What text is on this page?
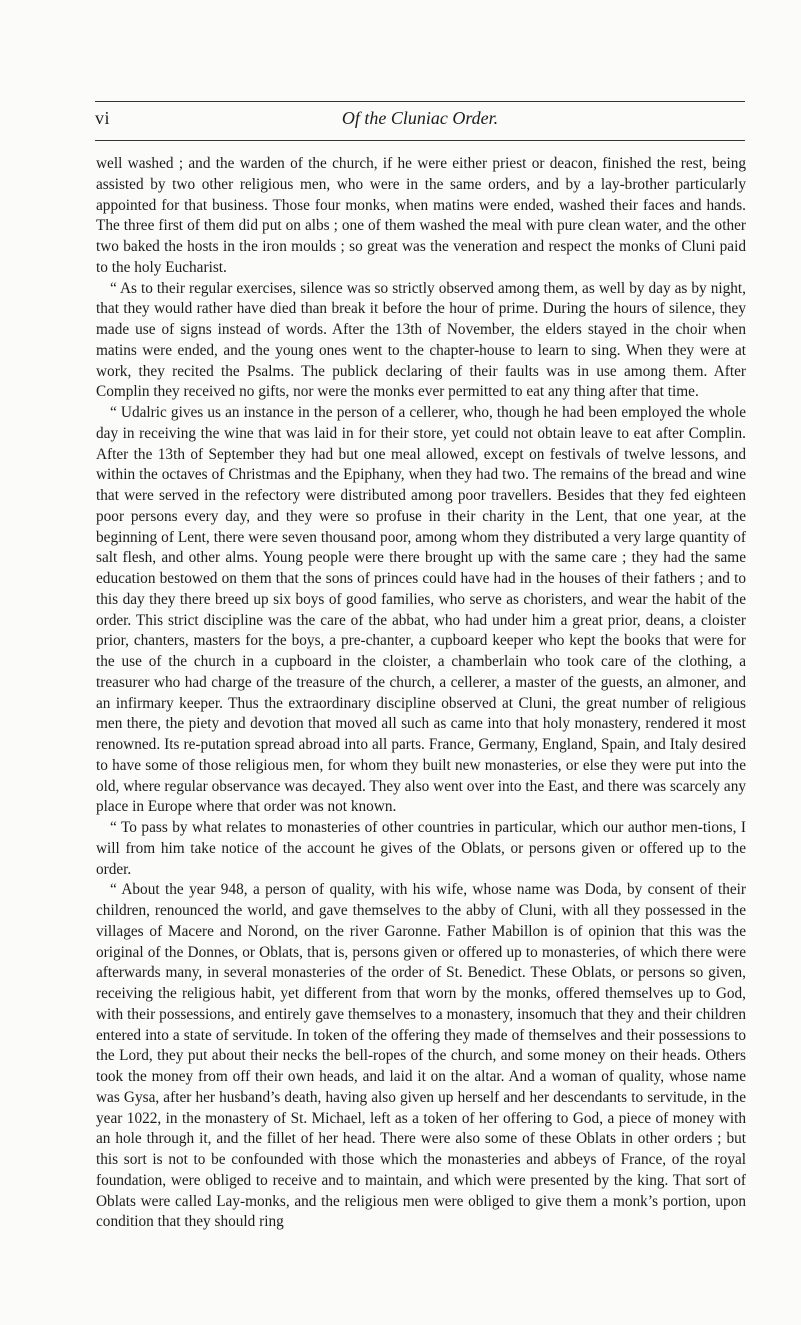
vi	Of the Cluniac Order.

well washed ; and the warden of the church, if he were either priest or deacon, finished the rest, being assisted by two other religious men, who were in the same orders, and by a lay-brother particularly appointed for that business. Those four monks, when matins were ended, washed their faces and hands. The three first of them did put on albs ; one of them washed the meal with pure clean water, and the other two baked the hosts in the iron moulds ; so great was the veneration and respect the monks of Cluni paid to the holy Eucharist.

“ As to their regular exercises, silence was so strictly observed among them, as well by day as by night, that they would rather have died than break it before the hour of prime. During the hours of silence, they made use of signs instead of words. After the 13th of November, the elders stayed in the choir when matins were ended, and the young ones went to the chapter-house to learn to sing. When they were at work, they recited the Psalms. The publick declaring of their faults was in use among them. After Complin they received no gifts, nor were the monks ever permitted to eat any thing after that time.

“ Udalric gives us an instance in the person of a cellerer, who, though he had been employed the whole day in receiving the wine that was laid in for their store, yet could not obtain leave to eat after Complin. After the 13th of September they had but one meal allowed, except on festivals of twelve lessons, and within the octaves of Christmas and the Epiphany, when they had two. The remains of the bread and wine that were served in the refectory were distributed among poor travellers. Besides that they fed eighteen poor persons every day, and they were so profuse in their charity in the Lent, that one year, at the beginning of Lent, there were seven thousand poor, among whom they distributed a very large quantity of salt flesh, and other alms. Young people were there brought up with the same care ; they had the same education bestowed on them that the sons of princes could have had in the houses of their fathers ; and to this day they there breed up six boys of good families, who serve as choristers, and wear the habit of the order. This strict discipline was the care of the abbat, who had under him a great prior, deans, a cloister prior, chanters, masters for the boys, a pre-chanter, a cupboard keeper who kept the books that were for the use of the church in a cupboard in the cloister, a chamberlain who took care of the clothing, a treasurer who had charge of the treasure of the church, a cellerer, a master of the guests, an almoner, and an infirmary keeper. Thus the extraordinary discipline observed at Cluni, the great number of religious men there, the piety and devotion that moved all such as came into that holy monastery, rendered it most renowned. Its re-putation spread abroad into all parts. France, Germany, England, Spain, and Italy desired to have some of those religious men, for whom they built new monasteries, or else they were put into the old, where regular observance was decayed. They also went over into the East, and there was scarcely any place in Europe where that order was not known.

“ To pass by what relates to monasteries of other countries in particular, which our author men-tions, I will from him take notice of the account he gives of the Oblats, or persons given or offered up to the order.

“ About the year 948, a person of quality, with his wife, whose name was Doda, by consent of their children, renounced the world, and gave themselves to the abby of Cluni, with all they possessed in the villages of Macere and Norond, on the river Garonne. Father Mabillon is of opinion that this was the original of the Donnes, or Oblats, that is, persons given or offered up to monasteries, of which there were afterwards many, in several monasteries of the order of St. Benedict. These Oblats, or persons so given, receiving the religious habit, yet different from that worn by the monks, offered themselves up to God, with their possessions, and entirely gave themselves to a monastery, insomuch that they and their children entered into a state of servitude. In token of the offering they made of themselves and their possessions to the Lord, they put about their necks the bell-ropes of the church, and some money on their heads. Others took the money from off their own heads, and laid it on the altar. And a woman of quality, whose name was Gysa, after her husband’s death, having also given up herself and her descendants to servitude, in the year 1022, in the monastery of St. Michael, left as a token of her offering to God, a piece of money with an hole through it, and the fillet of her head. There were also some of these Oblats in other orders ; but this sort is not to be confounded with those which the monasteries and abbeys of France, of the royal foundation, were obliged to receive and to maintain, and which were presented by the king. That sort of Oblats were called Lay-monks, and the religious men were obliged to give them a monk’s portion, upon condition that they should ring
